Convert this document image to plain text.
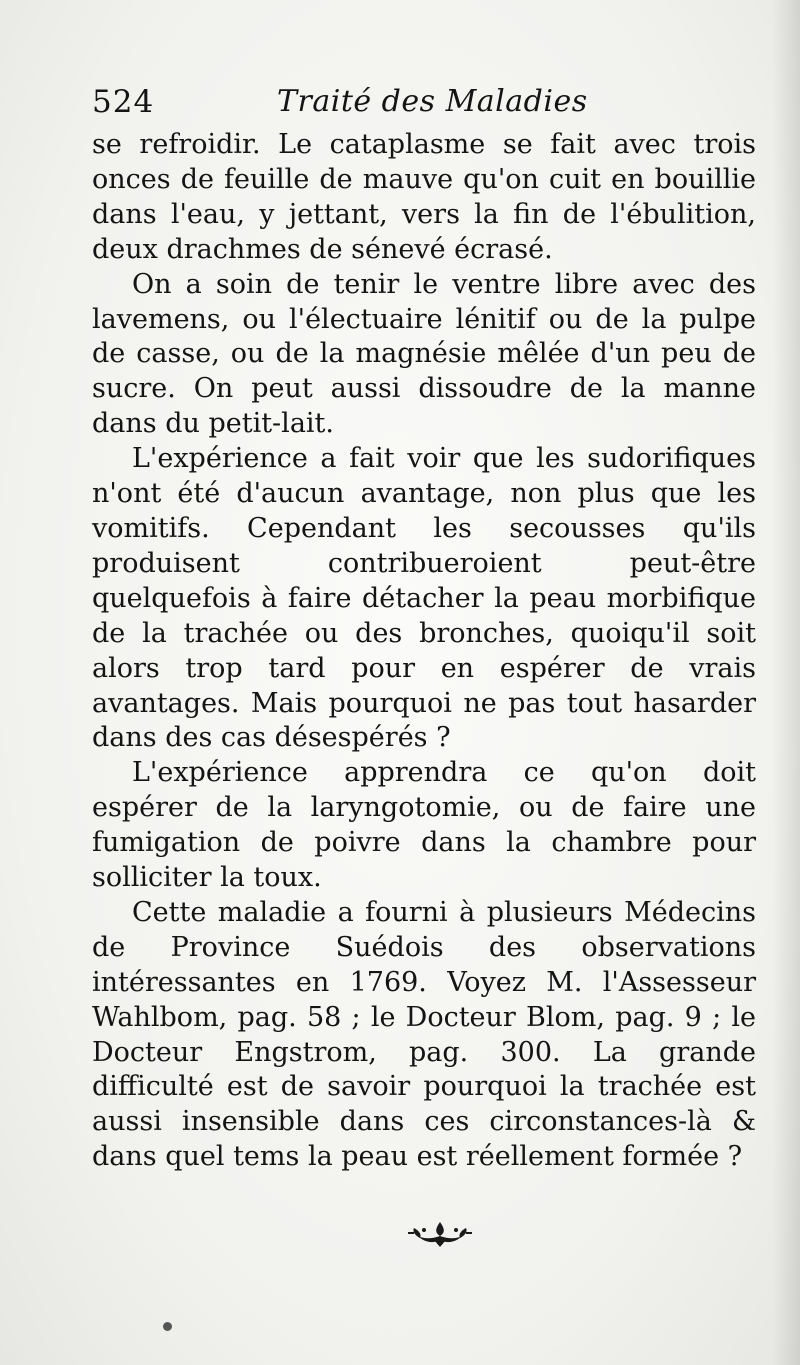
524	Traité des Maladies

se refroidir. Le cataplasme se fait avec trois onces de feuille de mauve qu'on cuit en bouillie dans l'eau, y jettant, vers la fin de l'ébulition, deux drachmes de sénevé écrasé.

On a soin de tenir le ventre libre avec des lavemens, ou l'électuaire lénitif ou de la pulpe de casse, ou de la magnésie mêlée d'un peu de sucre. On peut aussi dissoudre de la manne dans du petit-lait.

L'expérience a fait voir que les sudorifiques n'ont été d'aucun avantage, non plus que les vomitifs. Cependant les secousses qu'ils produisent contribueroient peut-être quelquefois à faire détacher la peau morbifique de la trachée ou des bronches, quoiqu'il soit alors trop tard pour en espérer de vrais avantages. Mais pourquoi ne pas tout hasarder dans des cas désespérés ?

L'expérience apprendra ce qu'on doit espérer de la laryngotomie, ou de faire une fumigation de poivre dans la chambre pour solliciter la toux.

Cette maladie a fourni à plusieurs Médecins de Province Suédois des observations intéressantes en 1769. Voyez M. l'Assesseur Wahlbom, pag. 58 ; le Docteur Blom, pag. 9 ; le Docteur Engstrom, pag. 300. La grande difficulté est de savoir pourquoi la trachée est aussi insensible dans ces circonstances-là & dans quel tems la peau est réellement formée ?
